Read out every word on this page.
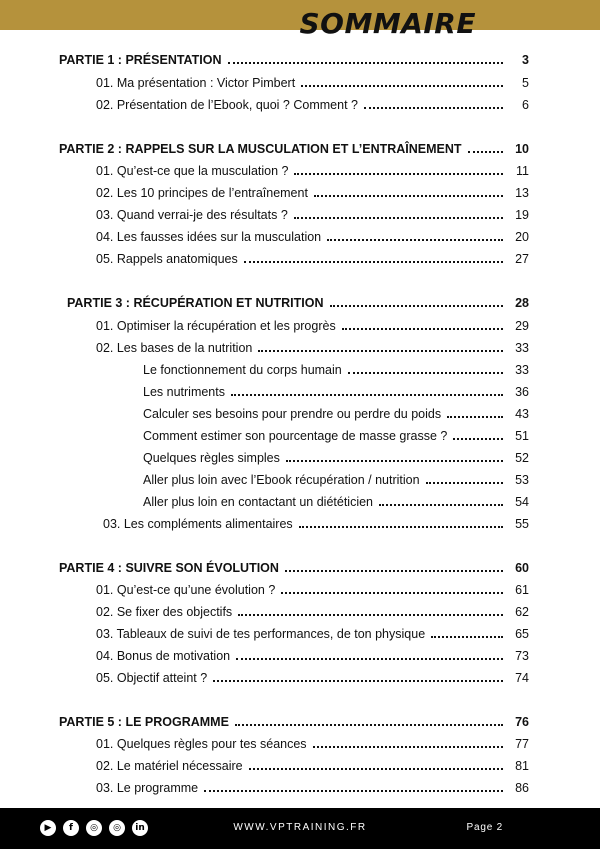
SOMMAIRE
PARTIE 1 : PRÉSENTATION	3
01. Ma présentation : Victor Pimbert	5
02. Présentation de l’Ebook, quoi ? Comment ?	6
PARTIE 2 : RAPPELS SUR LA MUSCULATION ET L’ENTRAÎNEMENT	10
01. Qu’est-ce que la musculation ?	11
02. Les 10 principes de l’entraînement	13
03. Quand verrai-je des résultats ?	19
04. Les fausses idées sur la musculation	20
05. Rappels anatomiques	27
PARTIE 3 : RÉCUPÉRATION ET NUTRITION	28
01. Optimiser la récupération et les progrès	29
02. Les bases de la nutrition	33
Le fonctionnement du corps humain	33
Les nutriments	36
Calculer ses besoins pour prendre ou perdre du poids	43
Comment estimer son pourcentage de masse grasse ?	51
Quelques règles simples	52
Aller plus loin avec l’Ebook récupération / nutrition	53
Aller plus loin en contactant un diététicien	54
03. Les compléments alimentaires	55
PARTIE 4 : SUIVRE SON ÉVOLUTION	60
01. Qu’est-ce qu’une évolution ?	61
02. Se fixer des objectifs	62
03. Tableaux de suivi de tes performances, de ton physique	65
04. Bonus de motivation	73
05. Objectif atteint ?	74
PARTIE 5 : LE PROGRAMME	76
01. Quelques règles pour tes séances	77
02. Le matériel nécessaire	81
03. Le programme	86
▶	f	◎	◎	in	WWW.VPTRAINING.FR	Page 2
